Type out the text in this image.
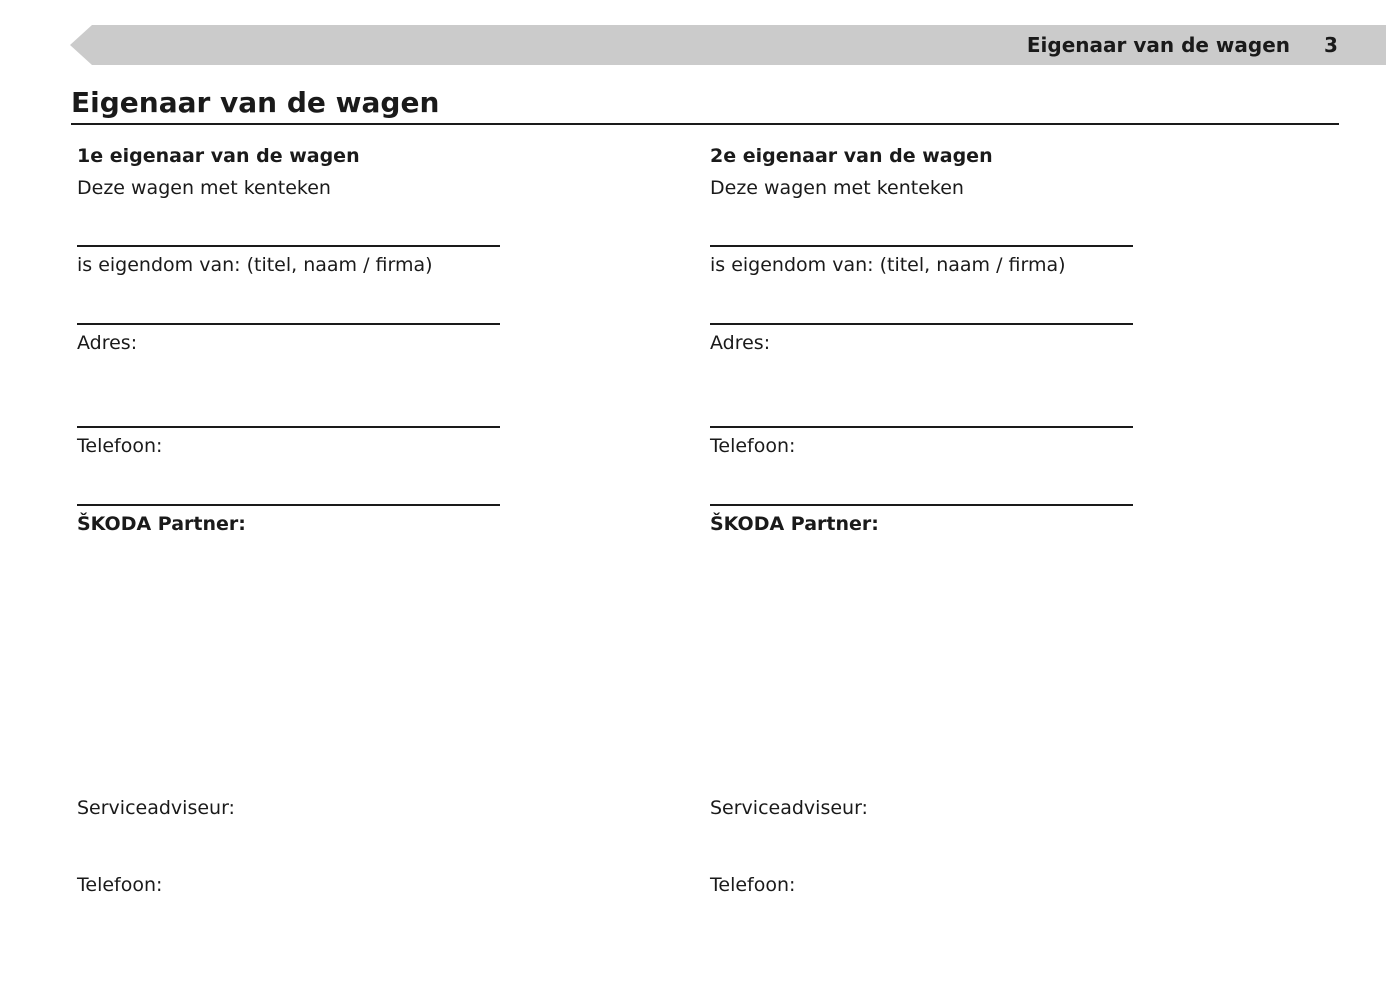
Eigenaar van de wagen 3
Eigenaar van de wagen
1e eigenaar van de wagen
Deze wagen met kenteken
is eigendom van: (titel, naam / firma)
Adres:
Telefoon:
ŠKODA Partner:
Serviceadviseur:
Telefoon:
2e eigenaar van de wagen
Deze wagen met kenteken
is eigendom van: (titel, naam / firma)
Adres:
Telefoon:
ŠKODA Partner:
Serviceadviseur:
Telefoon:
